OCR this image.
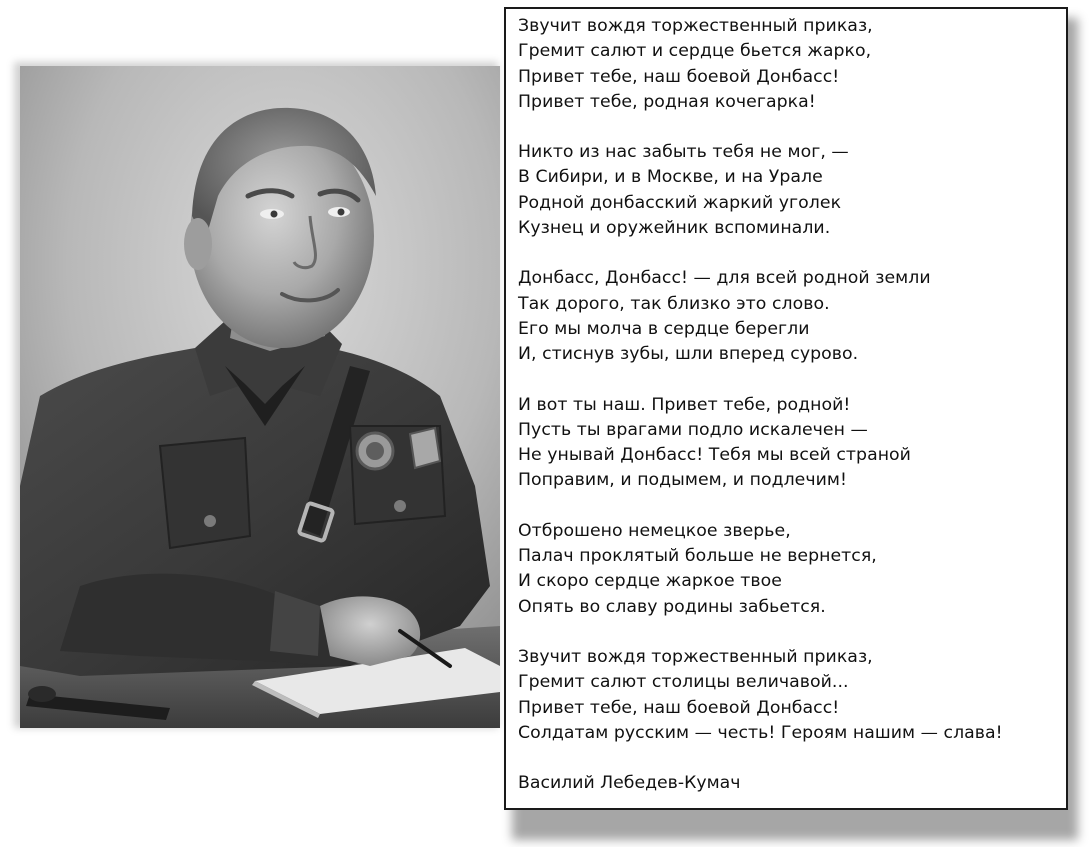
Звучит вождя торжественный приказ,
Гремит салют и сердце бьется жарко,
Привет тебе, наш боевой Донбасс!
Привет тебе, родная кочегарка!
Никто из нас забыть тебя не мог, —
В Сибири, и в Москве, и на Урале
Родной донбасский жаркий уголек
Кузнец и оружейник вспоминали.
Донбасс, Донбасс! — для всей родной земли
Так дорого, так близко это слово.
Его мы молча в сердце берегли
И, стиснув зубы, шли вперед сурово.
И вот ты наш. Привет тебе, родной!
Пусть ты врагами подло искалечен —
Не унывай Донбасс! Тебя мы всей страной
Поправим, и подымем, и подлечим!
Отброшено немецкое зверье,
Палач проклятый больше не вернется,
И скоро сердце жаркое твое
Опять во славу родины забьется.
Звучит вождя торжественный приказ,
Гремит салют столицы величавой...
Привет тебе, наш боевой Донбасс!
Солдатам русским — честь! Героям нашим — слава!
Василий Лебедев-Кумач
